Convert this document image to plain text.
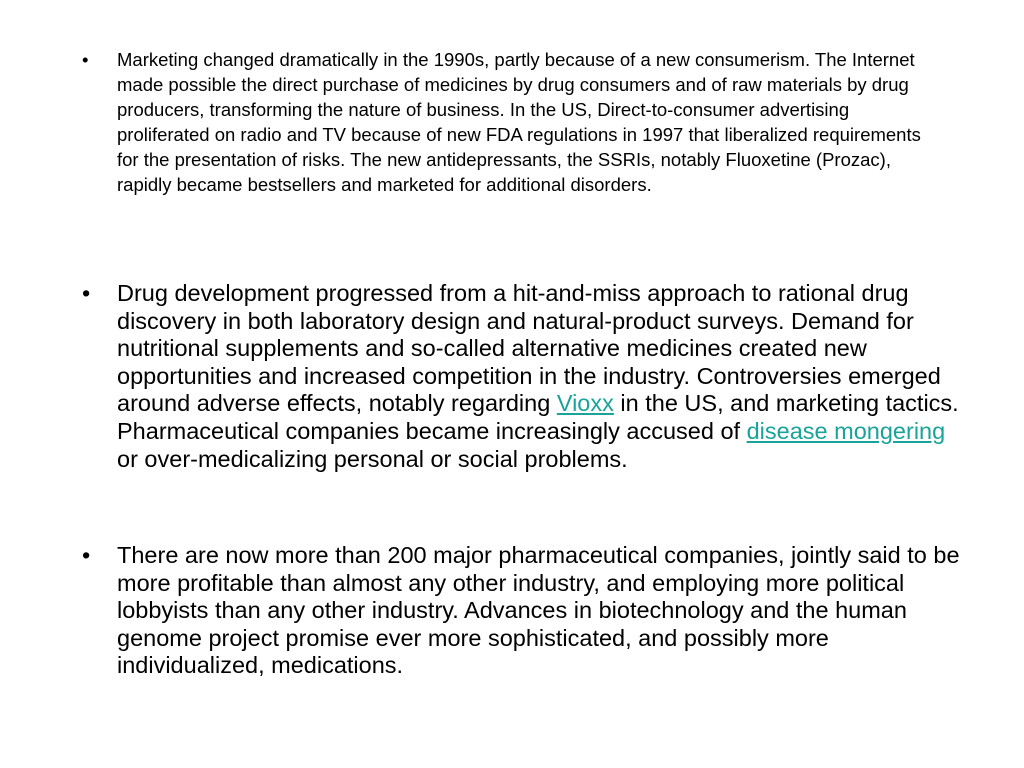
• Marketing changed dramatically in the 1990s, partly because of a new consumerism. The Internet made possible the direct purchase of medicines by drug consumers and of raw materials by drug producers, transforming the nature of business. In the US, Direct-to-consumer advertising proliferated on radio and TV because of new FDA regulations in 1997 that liberalized requirements for the presentation of risks. The new antidepressants, the SSRIs, notably Fluoxetine (Prozac), rapidly became bestsellers and marketed for additional disorders.

• Drug development progressed from a hit-and-miss approach to rational drug discovery in both laboratory design and natural-product surveys. Demand for nutritional supplements and so-called alternative medicines created new opportunities and increased competition in the industry. Controversies emerged around adverse effects, notably regarding Vioxx in the US, and marketing tactics. Pharmaceutical companies became increasingly accused of disease mongering or over-medicalizing personal or social problems.

• There are now more than 200 major pharmaceutical companies, jointly said to be more profitable than almost any other industry, and employing more political lobbyists than any other industry. Advances in biotechnology and the human genome project promise ever more sophisticated, and possibly more individualized, medications.
